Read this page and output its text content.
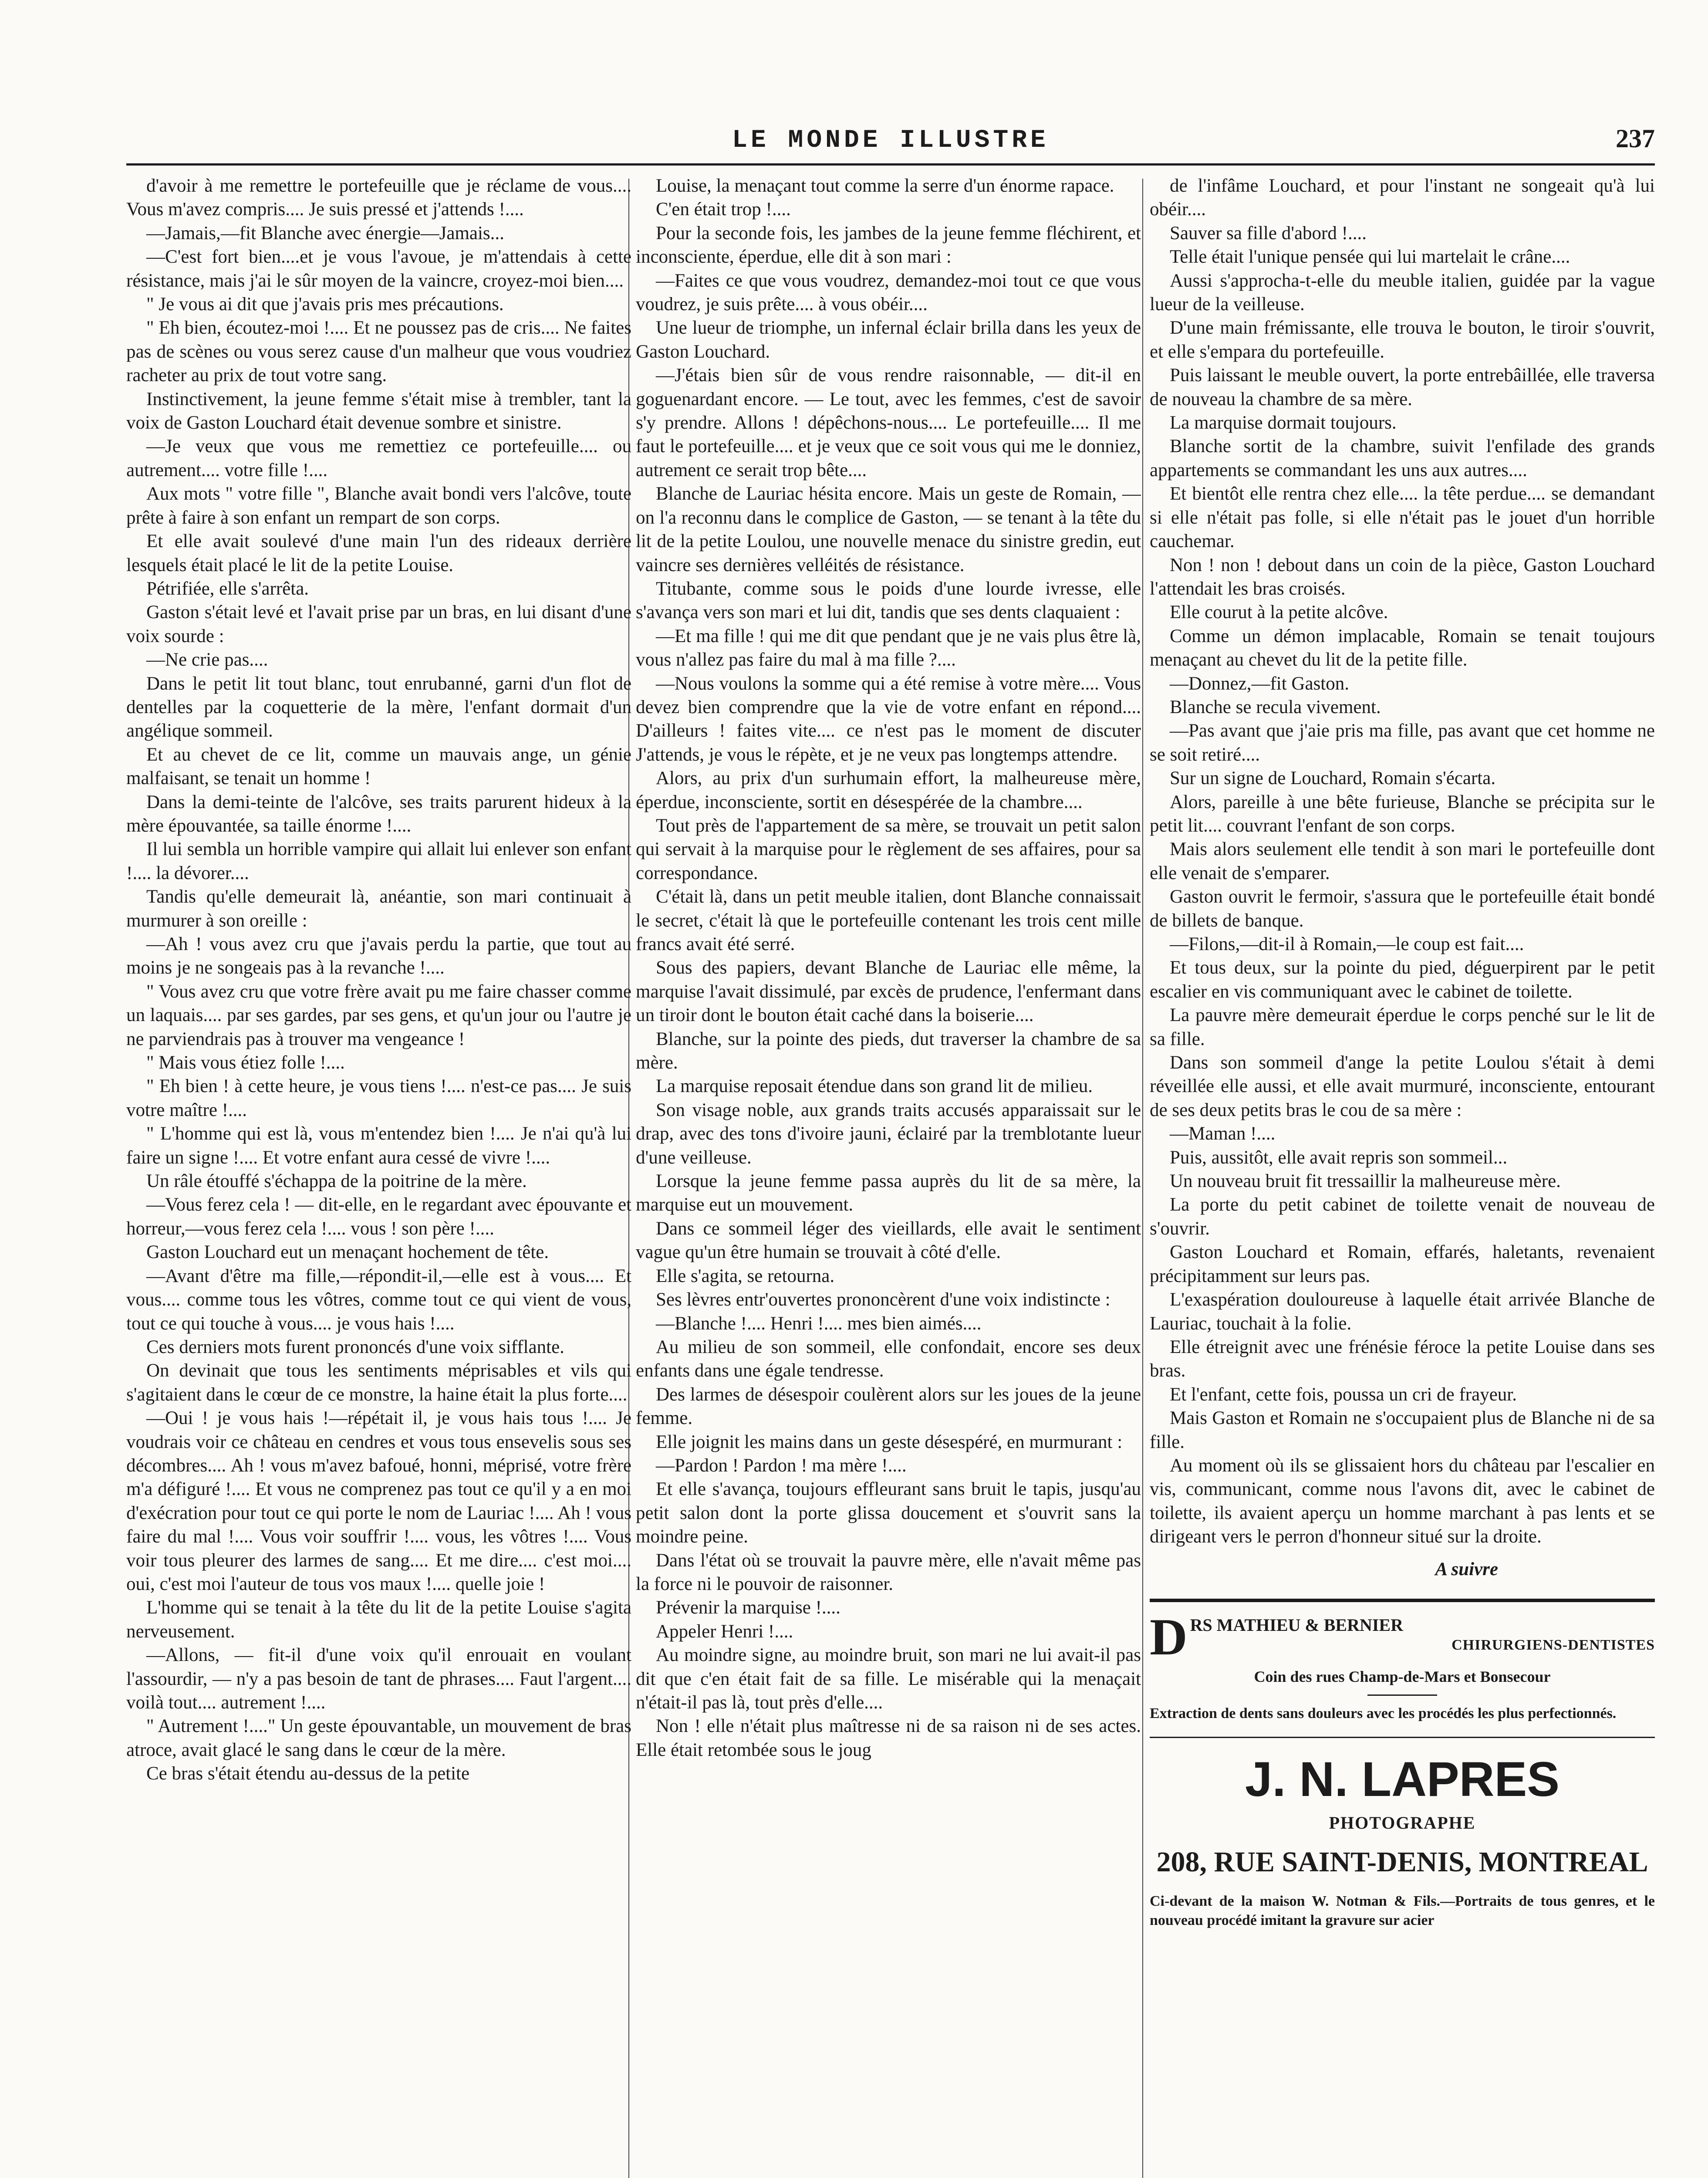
LE MONDE ILLUSTRE	237

d'avoir à me remettre le portefeuille que je réclame de vous.... Vous m'avez compris.... Je suis pressé et j'attends !....

—Jamais,—fit Blanche avec énergie—Jamais...

—C'est fort bien....et je vous l'avoue, je m'attendais à cette résistance, mais j'ai le sûr moyen de la vaincre, croyez-moi bien....

" Je vous ai dit que j'avais pris mes précautions.

" Eh bien, écoutez-moi !.... Et ne poussez pas de cris.... Ne faites pas de scènes ou vous serez cause d'un malheur que vous voudriez racheter au prix de tout votre sang.

Instinctivement, la jeune femme s'était mise à trembler, tant la voix de Gaston Louchard était devenue sombre et sinistre.

—Je veux que vous me remettiez ce portefeuille.... ou autrement.... votre fille !....

Aux mots " votre fille ", Blanche avait bondi vers l'alcôve, toute prête à faire à son enfant un rempart de son corps.

Et elle avait soulevé d'une main l'un des rideaux derrière lesquels était placé le lit de la petite Louise.

Pétrifiée, elle s'arrêta.

Gaston s'était levé et l'avait prise par un bras, en lui disant d'une voix sourde :

—Ne crie pas....

Dans le petit lit tout blanc, tout enrubanné, garni d'un flot de dentelles par la coquetterie de la mère, l'enfant dormait d'un angélique sommeil.

Et au chevet de ce lit, comme un mauvais ange, un génie malfaisant, se tenait un homme !

Dans la demi-teinte de l'alcôve, ses traits parurent hideux à la mère épouvantée, sa taille énorme !....

Il lui sembla un horrible vampire qui allait lui enlever son enfant !.... la dévorer....

Tandis qu'elle demeurait là, anéantie, son mari continuait à murmurer à son oreille :

—Ah ! vous avez cru que j'avais perdu la partie, que tout au moins je ne songeais pas à la revanche !....

" Vous avez cru que votre frère avait pu me faire chasser comme un laquais.... par ses gardes, par ses gens, et qu'un jour ou l'autre je ne parviendrais pas à trouver ma vengeance !

" Mais vous étiez folle !....

" Eh bien ! à cette heure, je vous tiens !.... n'est-ce pas.... Je suis votre maître !....

" L'homme qui est là, vous m'entendez bien !.... Je n'ai qu'à lui faire un signe !.... Et votre enfant aura cessé de vivre !....

Un râle étouffé s'échappa de la poitrine de la mère.

—Vous ferez cela ! — dit-elle, en le regardant avec épouvante et horreur,—vous ferez cela !.... vous ! son père !....

Gaston Louchard eut un menaçant hochement de tête.

—Avant d'être ma fille,—répondit-il,—elle est à vous.... Et vous.... comme tous les vôtres, comme tout ce qui vient de vous, tout ce qui touche à vous.... je vous hais !....

Ces derniers mots furent prononcés d'une voix sifflante.

On devinait que tous les sentiments méprisables et vils qui s'agitaient dans le cœur de ce monstre, la haine était la plus forte....

—Oui ! je vous hais !—répétait il, je vous hais tous !.... Je voudrais voir ce château en cendres et vous tous ensevelis sous ses décombres.... Ah ! vous m'avez bafoué, honni, méprisé, votre frère m'a défiguré !.... Et vous ne comprenez pas tout ce qu'il y a en moi d'exécration pour tout ce qui porte le nom de Lauriac !.... Ah ! vous faire du mal !.... Vous voir souffrir !.... vous, les vôtres !.... Vous voir tous pleurer des larmes de sang.... Et me dire.... c'est moi.... oui, c'est moi l'auteur de tous vos maux !.... quelle joie !

L'homme qui se tenait à la tête du lit de la petite Louise s'agita nerveusement.

—Allons, — fit-il d'une voix qu'il enrouait en voulant l'assourdir, — n'y a pas besoin de tant de phrases.... Faut l'argent.... voilà tout.... autrement !....

" Autrement !...." Un geste épouvantable, un mouvement de bras atroce, avait glacé le sang dans le cœur de la mère.

Ce bras s'était étendu au-dessus de la petite

Louise, la menaçant tout comme la serre d'un énorme rapace.

C'en était trop !....

Pour la seconde fois, les jambes de la jeune femme fléchirent, et inconsciente, éperdue, elle dit à son mari :

—Faites ce que vous voudrez, demandez-moi tout ce que vous voudrez, je suis prête.... à vous obéir....

Une lueur de triomphe, un infernal éclair brilla dans les yeux de Gaston Louchard.

—J'étais bien sûr de vous rendre raisonnable, — dit-il en goguenardant encore. — Le tout, avec les femmes, c'est de savoir s'y prendre. Allons ! dépêchons-nous.... Le portefeuille.... Il me faut le portefeuille.... et je veux que ce soit vous qui me le donniez, autrement ce serait trop bête....

Blanche de Lauriac hésita encore. Mais un geste de Romain, — on l'a reconnu dans le complice de Gaston, — se tenant à la tête du lit de la petite Loulou, une nouvelle menace du sinistre gredin, eut vaincre ses dernières velléités de résistance.

Titubante, comme sous le poids d'une lourde ivresse, elle s'avança vers son mari et lui dit, tandis que ses dents claquaient :

—Et ma fille ! qui me dit que pendant que je ne vais plus être là, vous n'allez pas faire du mal à ma fille ?....

—Nous voulons la somme qui a été remise à votre mère.... Vous devez bien comprendre que la vie de votre enfant en répond.... D'ailleurs ! faites vite.... ce n'est pas le moment de discuter J'attends, je vous le répète, et je ne veux pas longtemps attendre.

Alors, au prix d'un surhumain effort, la malheureuse mère, éperdue, inconsciente, sortit en désespérée de la chambre....

Tout près de l'appartement de sa mère, se trouvait un petit salon qui servait à la marquise pour le règlement de ses affaires, pour sa correspondance.

C'était là, dans un petit meuble italien, dont Blanche connaissait le secret, c'était là que le portefeuille contenant les trois cent mille francs avait été serré.

Sous des papiers, devant Blanche de Lauriac elle même, la marquise l'avait dissimulé, par excès de prudence, l'enfermant dans un tiroir dont le bouton était caché dans la boiserie....

Blanche, sur la pointe des pieds, dut traverser la chambre de sa mère.

La marquise reposait étendue dans son grand lit de milieu.

Son visage noble, aux grands traits accusés apparaissait sur le drap, avec des tons d'ivoire jauni, éclairé par la tremblotante lueur d'une veilleuse.

Lorsque la jeune femme passa auprès du lit de sa mère, la marquise eut un mouvement.

Dans ce sommeil léger des vieillards, elle avait le sentiment vague qu'un être humain se trouvait à côté d'elle.

Elle s'agita, se retourna.

Ses lèvres entr'ouvertes prononcèrent d'une voix indistincte :

—Blanche !.... Henri !.... mes bien aimés....

Au milieu de son sommeil, elle confondait, encore ses deux enfants dans une égale tendresse.

Des larmes de désespoir coulèrent alors sur les joues de la jeune femme.

Elle joignit les mains dans un geste désespéré, en murmurant :

—Pardon ! Pardon ! ma mère !....

Et elle s'avança, toujours effleurant sans bruit le tapis, jusqu'au petit salon dont la porte glissa doucement et s'ouvrit sans la moindre peine.

Dans l'état où se trouvait la pauvre mère, elle n'avait même pas la force ni le pouvoir de raisonner.

Prévenir la marquise !....

Appeler Henri !....

Au moindre signe, au moindre bruit, son mari ne lui avait-il pas dit que c'en était fait de sa fille. Le misérable qui la menaçait n'était-il pas là, tout près d'elle....

Non ! elle n'était plus maîtresse ni de sa raison ni de ses actes. Elle était retombée sous le joug

de l'infâme Louchard, et pour l'instant ne songeait qu'à lui obéir....

Sauver sa fille d'abord !....

Telle était l'unique pensée qui lui martelait le crâne....

Aussi s'approcha-t-elle du meuble italien, guidée par la vague lueur de la veilleuse.

D'une main frémissante, elle trouva le bouton, le tiroir s'ouvrit, et elle s'empara du portefeuille.

Puis laissant le meuble ouvert, la porte entrebâillée, elle traversa de nouveau la chambre de sa mère.

La marquise dormait toujours.

Blanche sortit de la chambre, suivit l'enfilade des grands appartements se commandant les uns aux autres....

Et bientôt elle rentra chez elle.... la tête perdue.... se demandant si elle n'était pas folle, si elle n'était pas le jouet d'un horrible cauchemar.

Non ! non ! debout dans un coin de la pièce, Gaston Louchard l'attendait les bras croisés.

Elle courut à la petite alcôve.

Comme un démon implacable, Romain se tenait toujours menaçant au chevet du lit de la petite fille.

—Donnez,—fit Gaston.

Blanche se recula vivement.

—Pas avant que j'aie pris ma fille, pas avant que cet homme ne se soit retiré....

Sur un signe de Louchard, Romain s'écarta.

Alors, pareille à une bête furieuse, Blanche se précipita sur le petit lit.... couvrant l'enfant de son corps.

Mais alors seulement elle tendit à son mari le portefeuille dont elle venait de s'emparer.

Gaston ouvrit le fermoir, s'assura que le portefeuille était bondé de billets de banque.

—Filons,—dit-il à Romain,—le coup est fait....

Et tous deux, sur la pointe du pied, déguerpirent par le petit escalier en vis communiquant avec le cabinet de toilette.

La pauvre mère demeurait éperdue le corps penché sur le lit de sa fille.

Dans son sommeil d'ange la petite Loulou s'était à demi réveillée elle aussi, et elle avait murmuré, inconsciente, entourant de ses deux petits bras le cou de sa mère :

—Maman !....

Puis, aussitôt, elle avait repris son sommeil...

Un nouveau bruit fit tressaillir la malheureuse mère.

La porte du petit cabinet de toilette venait de nouveau de s'ouvrir.

Gaston Louchard et Romain, effarés, haletants, revenaient précipitamment sur leurs pas.

L'exaspération douloureuse à laquelle était arrivée Blanche de Lauriac, touchait à la folie.

Elle étreignit avec une frénésie féroce la petite Louise dans ses bras.

Et l'enfant, cette fois, poussa un cri de frayeur.

Mais Gaston et Romain ne s'occupaient plus de Blanche ni de sa fille.

Au moment où ils se glissaient hors du château par l'escalier en vis, communicant, comme nous l'avons dit, avec le cabinet de toilette, ils avaient aperçu un homme marchant à pas lents et se dirigeant vers le perron d'honneur situé sur la droite.

A suivre

D RS MATHIEU & BERNIER
CHIRURGIENS-DENTISTES
Coin des rues Champ-de-Mars et Bonsecour
Extraction de dents sans douleurs avec les procédés les plus perfectionnés.
J. N. LAPRES
PHOTOGRAPHE
208, RUE SAINT-DENIS, MONTREAL
Ci-devant de la maison W. Notman & Fils.—Portraits de tous genres, et le nouveau procédé imitant la gravure sur acier
